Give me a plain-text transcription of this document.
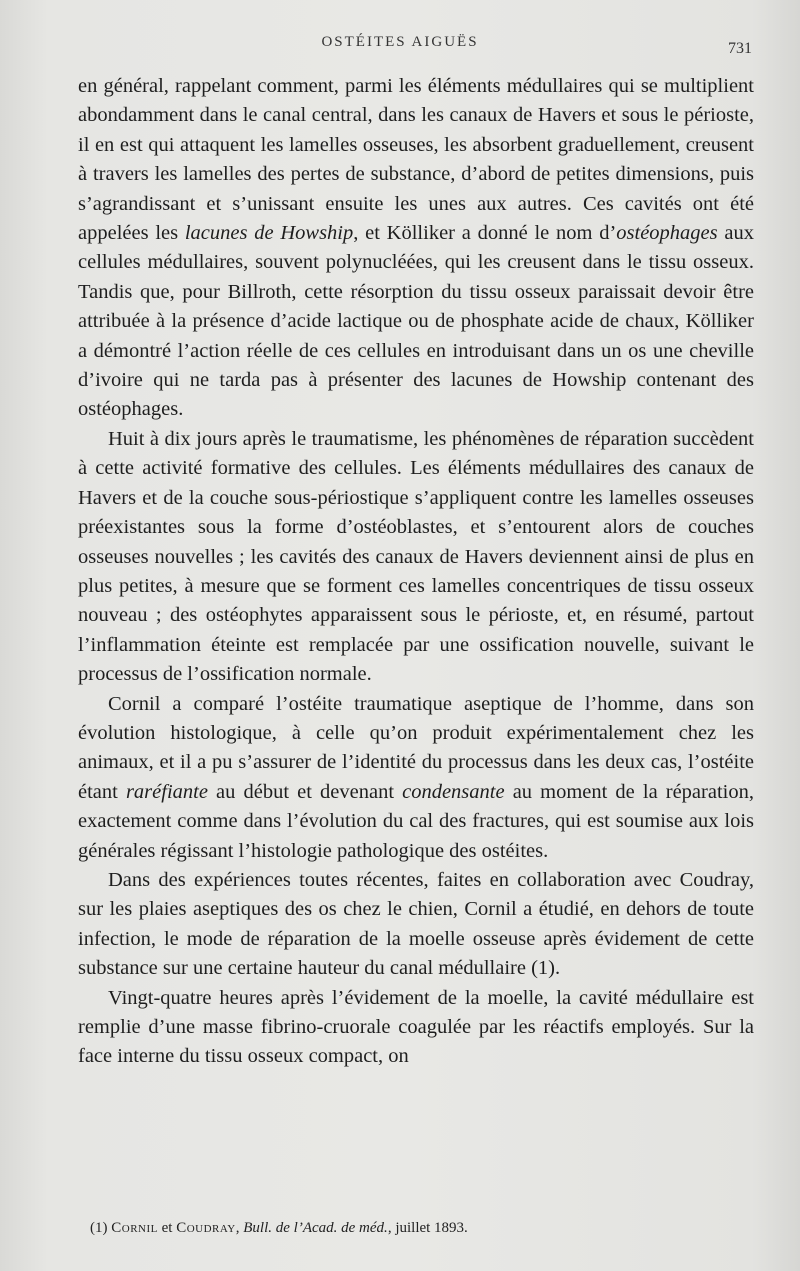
OSTÉITES AIGUËS	731

en général, rappelant comment, parmi les éléments médullaires qui se multiplient abondamment dans le canal central, dans les canaux de Havers et sous le périoste, il en est qui attaquent les lamelles osseuses, les absorbent graduellement, creusent à travers les lamelles des pertes de substance, d’abord de petites dimensions, puis s’agrandissant et s’unissant ensuite les unes aux autres. Ces cavités ont été appelées les lacunes de Howship, et Kölliker a donné le nom d’ostéophages aux cellules médullaires, souvent polynucléées, qui les creusent dans le tissu osseux. Tandis que, pour Billroth, cette résorption du tissu osseux paraissait devoir être attribuée à la présence d’acide lactique ou de phosphate acide de chaux, Kölliker a démontré l’action réelle de ces cellules en introduisant dans un os une cheville d’ivoire qui ne tarda pas à présenter des lacunes de Howship contenant des ostéophages.

Huit à dix jours après le traumatisme, les phénomènes de réparation succèdent à cette activité formative des cellules. Les éléments médullaires des canaux de Havers et de la couche sous-périostique s’appliquent contre les lamelles osseuses préexistantes sous la forme d’ostéoblastes, et s’entourent alors de couches osseuses nouvelles ; les cavités des canaux de Havers deviennent ainsi de plus en plus petites, à mesure que se forment ces lamelles concentriques de tissu osseux nouveau ; des ostéophytes apparaissent sous le périoste, et, en résumé, partout l’inflammation éteinte est remplacée par une ossification nouvelle, suivant le processus de l’ossification normale.

Cornil a comparé l’ostéite traumatique aseptique de l’homme, dans son évolution histologique, à celle qu’on produit expérimentalement chez les animaux, et il a pu s’assurer de l’identité du processus dans les deux cas, l’ostéite étant raréfiante au début et devenant condensante au moment de la réparation, exactement comme dans l’évolution du cal des fractures, qui est soumise aux lois générales régissant l’histologie pathologique des ostéites.

Dans des expériences toutes récentes, faites en collaboration avec Coudray, sur les plaies aseptiques des os chez le chien, Cornil a étudié, en dehors de toute infection, le mode de réparation de la moelle osseuse après évidement de cette substance sur une certaine hauteur du canal médullaire (1).

Vingt-quatre heures après l’évidement de la moelle, la cavité médullaire est remplie d’une masse fibrino-cruorale coagulée par les réactifs employés. Sur la face interne du tissu osseux compact, on

(1) Cornil et Coudray, Bull. de l’Acad. de méd., juillet 1893.
